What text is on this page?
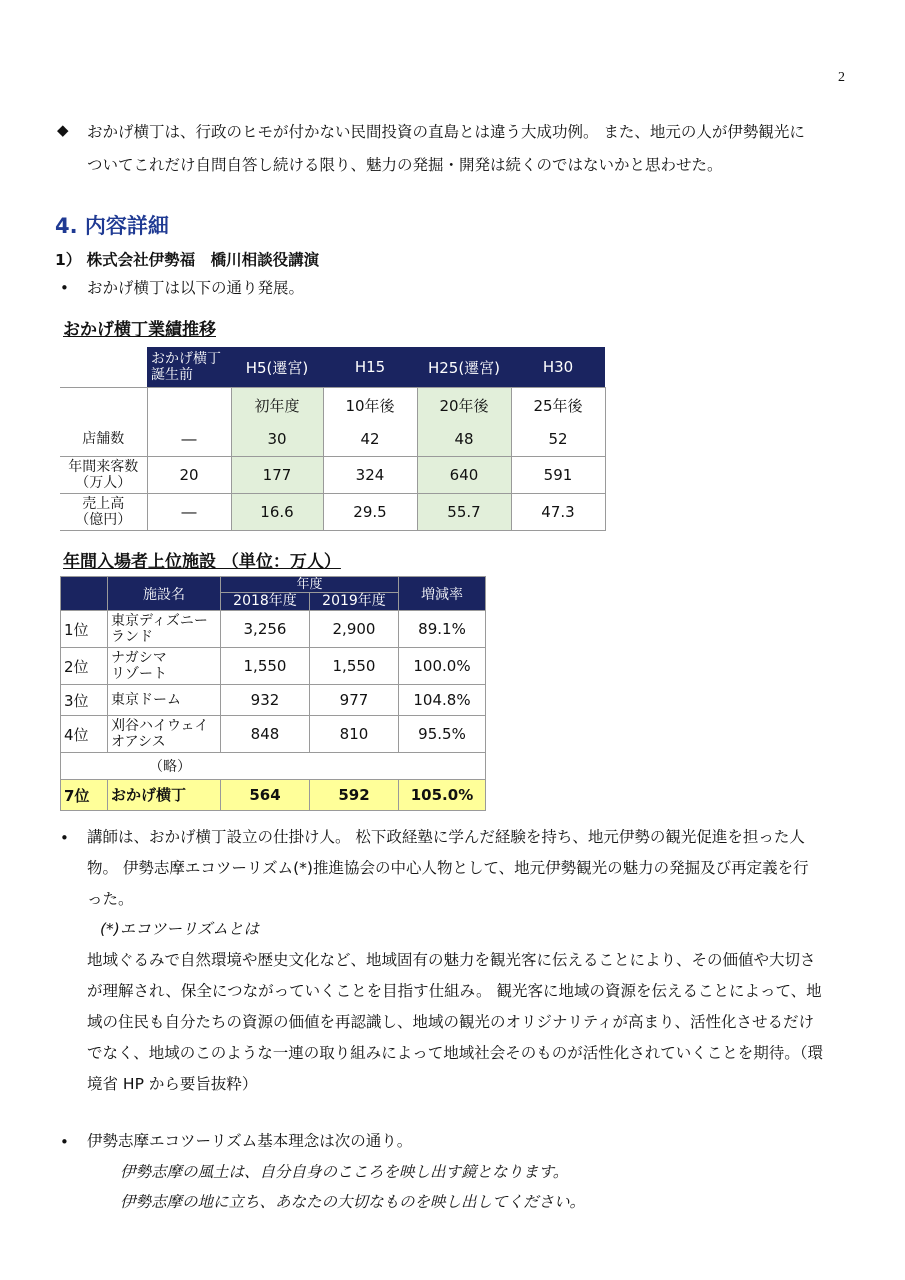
2
◆ おかげ横丁は、行政のヒモが付かない民間投資の直島とは違う大成功例。 また、地元の人が伊勢観光に
ついてこれだけ自問自答し続ける限り、魅力の発掘・開発は続くのではないかと思わせた。
4. 内容詳細
1） 株式会社伊勢福　橋川相談役講演
• おかげ横丁は以下の通り発展。
おかげ横丁業績推移
	おかげ横丁
誕生前	H5(遷宮)	H15	H25(遷宮)	H30
		初年度	10年後	20年後	25年後
店舗数	―	30	42	48	52
年間来客数
（万人）	20	177	324	640	591
売上高
（億円）	―	16.6	29.5	55.7	47.3
年間入場者上位施設 （単位：万人）
	施設名	年度		増減率
		2018年度	2019年度	
1位	東京ディズニー
ランド	3,256	2,900	89.1%
2位	ナガシマ
リゾート	1,550	1,550	100.0%
3位	東京ドーム	932	977	104.8%
4位	刈谷ハイウェイ
オアシス	848	810	95.5%
（略）				
7位	おかげ横丁	564	592	105.0%
• 講師は、おかげ横丁設立の仕掛け人。 松下政経塾に学んだ経験を持ち、地元伊勢の観光促進を担った人
物。 伊勢志摩エコツーリズム(*)推進協会の中心人物として、地元伊勢観光の魅力の発掘及び再定義を行
った。
(*)エコツーリズムとは
地域ぐるみで自然環境や歴史文化など、地域固有の魅力を観光客に伝えることにより、その価値や大切さ
が理解され、保全につながっていくことを目指す仕組み。 観光客に地域の資源を伝えることによって、地
域の住民も自分たちの資源の価値を再認識し、地域の観光のオリジナリティが高まり、活性化させるだけ
でなく、地域のこのような一連の取り組みによって地域社会そのものが活性化されていくことを期待。（環
境省 HP から要旨抜粋）
• 伊勢志摩エコツーリズム基本理念は次の通り。
伊勢志摩の風土は、自分自身のこころを映し出す鏡となります。
伊勢志摩の地に立ち、あなたの大切なものを映し出してください。
